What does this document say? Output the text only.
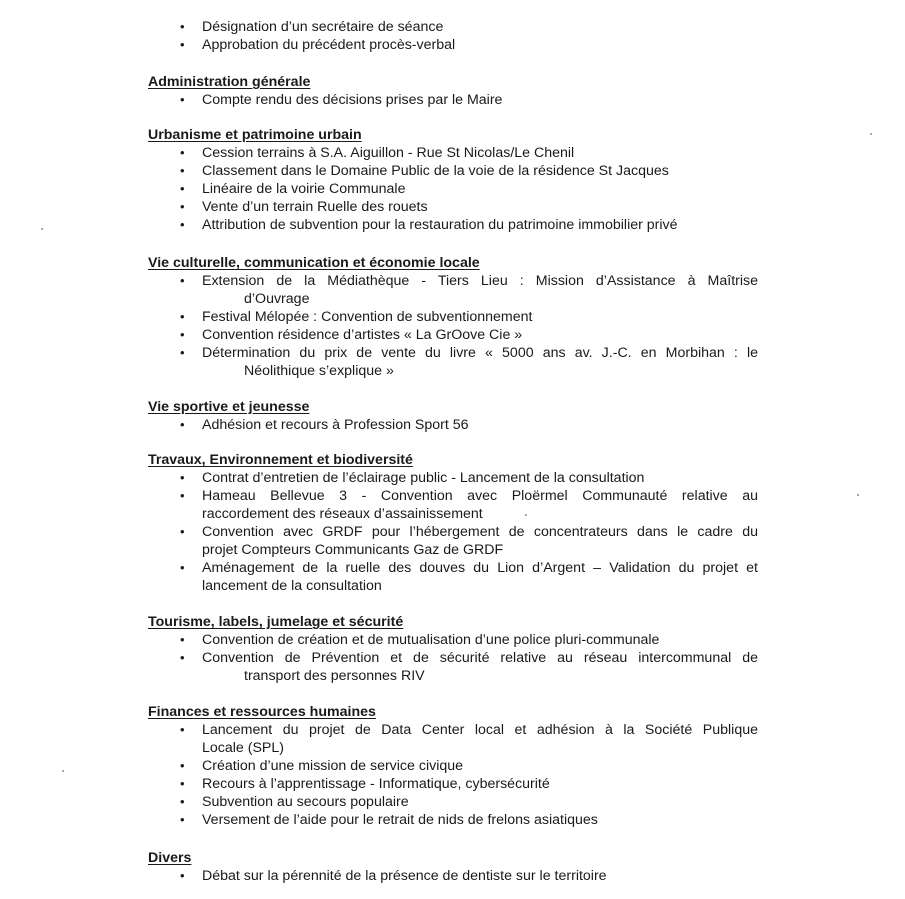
• Désignation d’un secrétaire de séance
• Approbation du précédent procès-verbal
Administration générale
• Compte rendu des décisions prises par le Maire
Urbanisme et patrimoine urbain
• Cession terrains à S.A. Aiguillon - Rue St Nicolas/Le Chenil
• Classement dans le Domaine Public de la voie de la résidence St Jacques
• Linéaire de la voirie Communale
• Vente d’un terrain Ruelle des rouets
• Attribution de subvention pour la restauration du patrimoine immobilier privé
Vie culturelle, communication et économie locale
• Extension de la Médiathèque - Tiers Lieu : Mission d’Assistance à Maîtrise
d’Ouvrage
• Festival Mélopée : Convention de subventionnement
• Convention résidence d’artistes « La GrOove Cie »
• Détermination du prix de vente du livre « 5000 ans av. J.-C. en Morbihan : le
Néolithique s’explique »
Vie sportive et jeunesse
• Adhésion et recours à Profession Sport 56
Travaux, Environnement et biodiversité
• Contrat d’entretien de l’éclairage public - Lancement de la consultation
• Hameau Bellevue 3 - Convention avec Ploërmel Communauté relative au
raccordement des réseaux d’assainissement
• Convention avec GRDF pour l’hébergement de concentrateurs dans le cadre du
projet Compteurs Communicants Gaz de GRDF
• Aménagement de la ruelle des douves du Lion d’Argent – Validation du projet et
lancement de la consultation
Tourisme, labels, jumelage et sécurité
• Convention de création et de mutualisation d’une police pluri-communale
• Convention de Prévention et de sécurité relative au réseau intercommunal de
transport des personnes RIV
Finances et ressources humaines
• Lancement du projet de Data Center local et adhésion à la Société Publique
Locale (SPL)
• Création d’une mission de service civique
• Recours à l’apprentissage - Informatique, cybersécurité
• Subvention au secours populaire
• Versement de l’aide pour le retrait de nids de frelons asiatiques
Divers
• Débat sur la pérennité de la présence de dentiste sur le territoire
